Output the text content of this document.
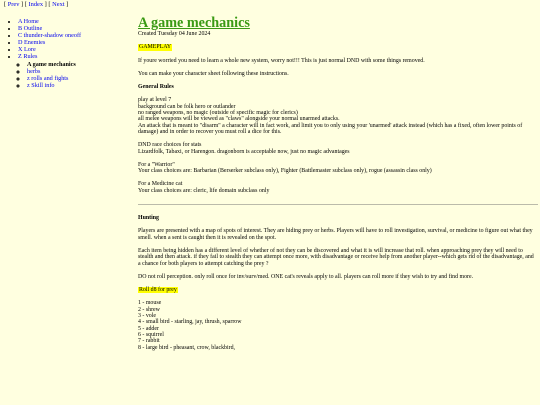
[ Prev ] [ Index ] [ Next ]
• A Home
• B Outline
• C thunder-shadow oneoff
• D Enemies
• X Lore
• Z Rules
◦ A game mechanics
◦ herbs
◦ z rolls and fights
◦ z Skill info
A game mechanics

Created Tuesday 04 June 2024

GAMEPLAY

If youre worried you need to learn a whole new system, worry not!!! This is just normal DND with some things removed.

You can make your character sheet following these instructions.

General Rules

play at level 7
background can be folk hero or outlander
no ranged weapons, no magic (outside of specific magic for clerics)
all melee weapons will be viewed as "claws" alongside your normal unarmed attacks.
An attack that is meant to "disarm" a character will in fact work, and limit you to only using your 'unarmed' attack instead (which has a fixed, often lower points of damage) and in order to recover you must roll a dice for this.
DND race choices for stats
Lizardfolk, Tabaxi, or Harengon. dragonborn is acceptable now, just no magic advantages
For a "Warrior"
Your class choices are: Barbarian (Berserker subclass only), Fighter (Battlemaster subclass only), rogue (assassin class only)
For a Medicine cat
Your class choices are: cleric, life domain subclass only

Hunting

Players are presented with a map of spots of interest. They are hiding prey or herbs. Players will have to roll investigation, survival, or medicine to figure out what they smell. when a sent is caught then it is revealed on the spot.

Each item being hidden has a different level of whether of not they can be discovered and what it is will increase that roll. when approaching prey they will need to stealth and then attack. if they fail to stealth they can attempt once more, with disadvantage or receive help from another player--which gets rid of the disadvantage, and a chance for both players to attempt catching the prey ?

DO not roll perception. only roll once for inv/surv/med. ONE cat's reveals apply to all. players can roll more if they wish to try and find more.

Roll d8 for prey

1 - mouse
2 - shrew
3 - vole
4 - small bird - starling, jay, thrush, sparrow
5 - adder
6 - squirrel
7 - rabbit
8 - large bird - pheasant, crow, blackbird,
